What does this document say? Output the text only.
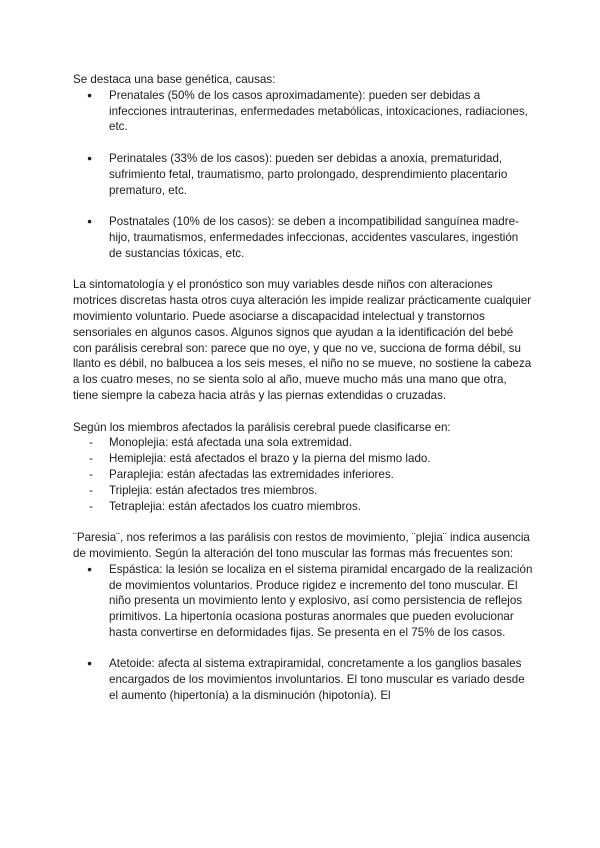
Se destaca una base genética, causas:

● Prenatales (50% de los casos aproximadamente): pueden ser debidas a infecciones intrauterinas, enfermedades metabólicas, intoxicaciones, radiaciones, etc.
● Perinatales (33% de los casos): pueden ser debidas a anoxia, prematuridad, sufrimiento fetal, traumatismo, parto prolongado, desprendimiento placentario prematuro, etc.
● Postnatales (10% de los casos): se deben a incompatibilidad sanguínea madre-hijo, traumatismos, enfermedades infeccionas, accidentes vasculares, ingestión de sustancias tóxicas, etc.

La sintomatología y el pronóstico son muy variables desde niños con alteraciones motrices discretas hasta otros cuya alteración les impide realizar prácticamente cualquier movimiento voluntario. Puede asociarse a discapacidad intelectual y transtornos sensoriales en algunos casos. Algunos signos que ayudan a la identificación del bebé con parálisis cerebral son: parece que no oye, y que no ve, succiona de forma débil, su llanto es débil, no balbucea a los seis meses, el niño no se mueve, no sostiene la cabeza a los cuatro meses, no se sienta solo al año, mueve mucho más una mano que otra, tiene siempre la cabeza hacia atrás y las piernas extendidas o cruzadas.

Según los miembros afectados la parálisis cerebral puede clasificarse en:

- Monoplejia: está afectada una sola extremidad.
- Hemiplejia: está afectados el brazo y la pierna del mismo lado.
- Paraplejia: están afectadas las extremidades inferiores.
- Triplejia: están afectados tres miembros.
- Tetraplejia: están afectados los cuatro miembros.

¨Paresia¨, nos referimos a las parálisis con restos de movimiento, ¨plejia¨ indica ausencia de movimiento. Según la alteración del tono muscular las formas más frecuentes son:

● Espástica: la lesión se localiza en el sistema piramidal encargado de la realización de movimientos voluntarios. Produce rigidez e incremento del tono muscular. El niño presenta un movimiento lento y explosivo, así como persistencia de reflejos primitivos. La hipertonía ocasiona posturas anormales que pueden evolucionar hasta convertirse en deformidades fijas. Se presenta en el 75% de los casos.
● Atetoide: afecta al sistema extrapiramidal, concretamente a los ganglios basales encargados de los movimientos involuntarios. El tono muscular es variado desde el aumento (hipertonía) a la disminución (hipotonía). El
